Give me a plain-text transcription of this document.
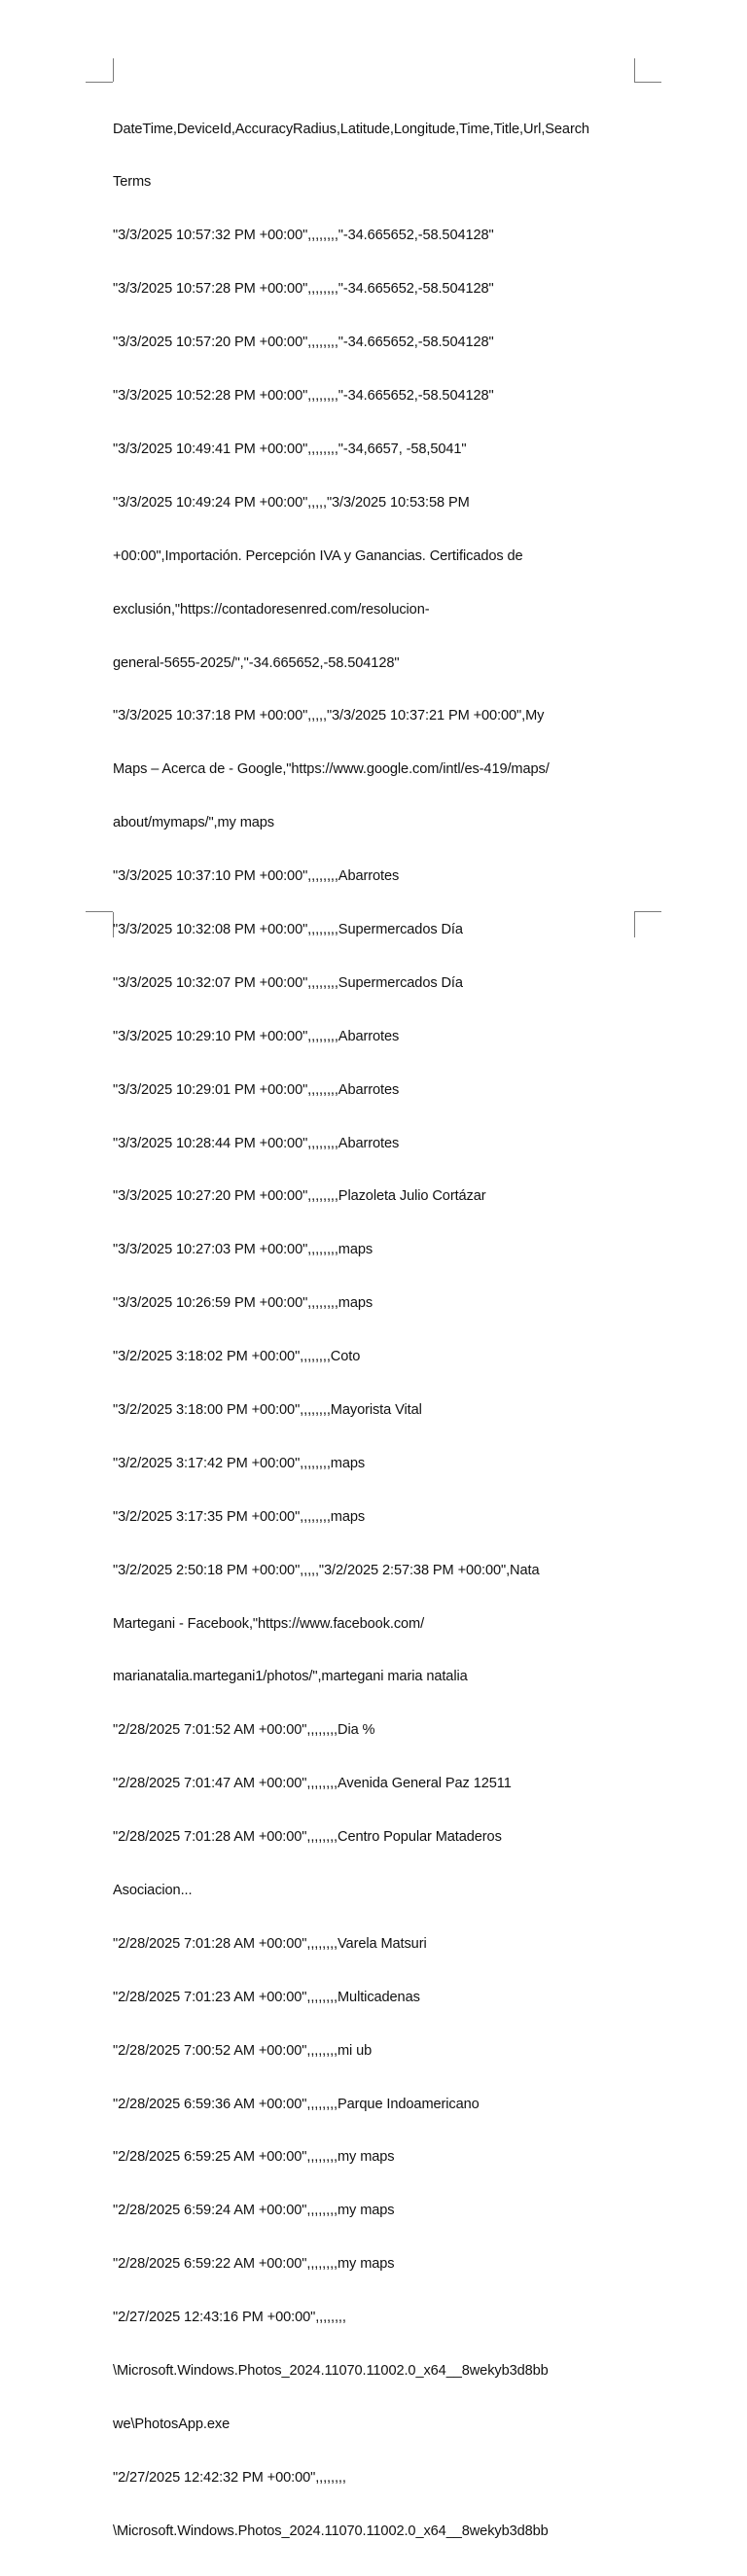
DateTime,DeviceId,AccuracyRadius,Latitude,Longitude,Time,Title,Url,Search

Terms

"3/3/2025 10:57:32 PM +00:00",,,,,,,,"-34.665652,-58.504128"

"3/3/2025 10:57:28 PM +00:00",,,,,,,,"-34.665652,-58.504128"

"3/3/2025 10:57:20 PM +00:00",,,,,,,,"-34.665652,-58.504128"

"3/3/2025 10:52:28 PM +00:00",,,,,,,,"-34.665652,-58.504128"

"3/3/2025 10:49:41 PM +00:00",,,,,,,,"-34,6657, -58,5041"

"3/3/2025 10:49:24 PM +00:00",,,,,"3/3/2025 10:53:58 PM

+00:00",Importación. Percepción IVA y Ganancias. Certificados de

exclusión,"https://contadoresenred.com/resolucion-

general-5655-2025/","-34.665652,-58.504128"

"3/3/2025 10:37:18 PM +00:00",,,,,"3/3/2025 10:37:21 PM +00:00",My

Maps – Acerca de - Google,"https://www.google.com/intl/es-419/maps/

about/mymaps/",my maps

"3/3/2025 10:37:10 PM +00:00",,,,,,,,Abarrotes

"3/3/2025 10:32:08 PM +00:00",,,,,,,,Supermercados Día

"3/3/2025 10:32:07 PM +00:00",,,,,,,,Supermercados Día

"3/3/2025 10:29:10 PM +00:00",,,,,,,,Abarrotes

"3/3/2025 10:29:01 PM +00:00",,,,,,,,Abarrotes

"3/3/2025 10:28:44 PM +00:00",,,,,,,,Abarrotes

"3/3/2025 10:27:20 PM +00:00",,,,,,,,Plazoleta Julio Cortázar

"3/3/2025 10:27:03 PM +00:00",,,,,,,,maps

"3/3/2025 10:26:59 PM +00:00",,,,,,,,maps

"3/2/2025 3:18:02 PM +00:00",,,,,,,,Coto

"3/2/2025 3:18:00 PM +00:00",,,,,,,,Mayorista Vital

"3/2/2025 3:17:42 PM +00:00",,,,,,,,maps

"3/2/2025 3:17:35 PM +00:00",,,,,,,,maps

"3/2/2025 2:50:18 PM +00:00",,,,,"3/2/2025 2:57:38 PM +00:00",Nata

Martegani - Facebook,"https://www.facebook.com/

marianatalia.martegani1/photos/",martegani maria natalia

"2/28/2025 7:01:52 AM +00:00",,,,,,,,Dia %

"2/28/2025 7:01:47 AM +00:00",,,,,,,,Avenida General Paz 12511

"2/28/2025 7:01:28 AM +00:00",,,,,,,,Centro Popular Mataderos

Asociacion...

"2/28/2025 7:01:28 AM +00:00",,,,,,,,Varela Matsuri

"2/28/2025 7:01:23 AM +00:00",,,,,,,,Multicadenas

"2/28/2025 7:00:52 AM +00:00",,,,,,,,mi ub

"2/28/2025 6:59:36 AM +00:00",,,,,,,,Parque Indoamericano

"2/28/2025 6:59:25 AM +00:00",,,,,,,,my maps

"2/28/2025 6:59:24 AM +00:00",,,,,,,,my maps

"2/28/2025 6:59:22 AM +00:00",,,,,,,,my maps

"2/27/2025 12:43:16 PM +00:00",,,,,,,,

\Microsoft.Windows.Photos_2024.11070.11002.0_x64__8wekyb3d8bb

we\PhotosApp.exe

"2/27/2025 12:42:32 PM +00:00",,,,,,,,

\Microsoft.Windows.Photos_2024.11070.11002.0_x64__8wekyb3d8bb
